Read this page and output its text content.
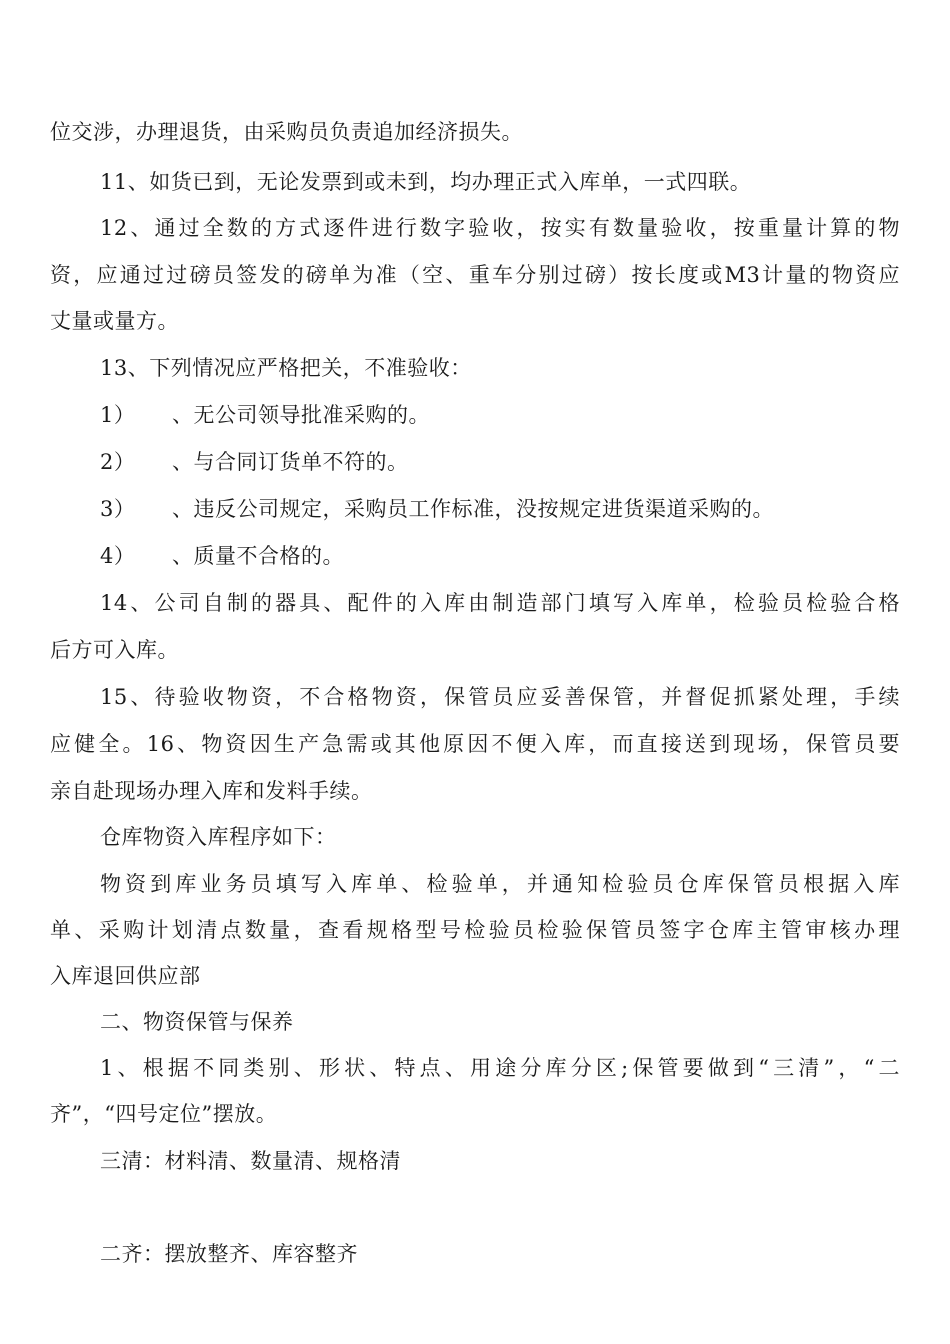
位交涉，办理退货，由采购员负责追加经济损失。
11、如货已到，无论发票到或未到，均办理正式入库单，一式四联。
12、通过全数的方式逐件进行数字验收，按实有数量验收，按重量计算的物
资，应通过过磅员签发的磅单为准（空、重车分别过磅）按长度或M3计量的物资应
丈量或量方。
13、下列情况应严格把关，不准验收：
1） 、无公司领导批准采购的。
2） 、与合同订货单不符的。
3） 、违反公司规定，采购员工作标准，没按规定进货渠道采购的。
4） 、质量不合格的。
14、公司自制的器具、配件的入库由制造部门填写入库单，检验员检验合格
后方可入库。
15、待验收物资，不合格物资，保管员应妥善保管，并督促抓紧处理，手续
应健全。16、物资因生产急需或其他原因不便入库，而直接送到现场，保管员要
亲自赴现场办理入库和发料手续。
仓库物资入库程序如下：
物资到库业务员填写入库单、检验单，并通知检验员仓库保管员根据入库
单、采购计划清点数量，查看规格型号检验员检验保管员签字仓库主管审核办理
入库退回供应部
二、物资保管与保养
1、根据不同类别、形状、特点、用途分库分区;保管要做到“三清”，“二
齐”，“四号定位”摆放。
三清：材料清、数量清、规格清
二齐：摆放整齐、库容整齐
